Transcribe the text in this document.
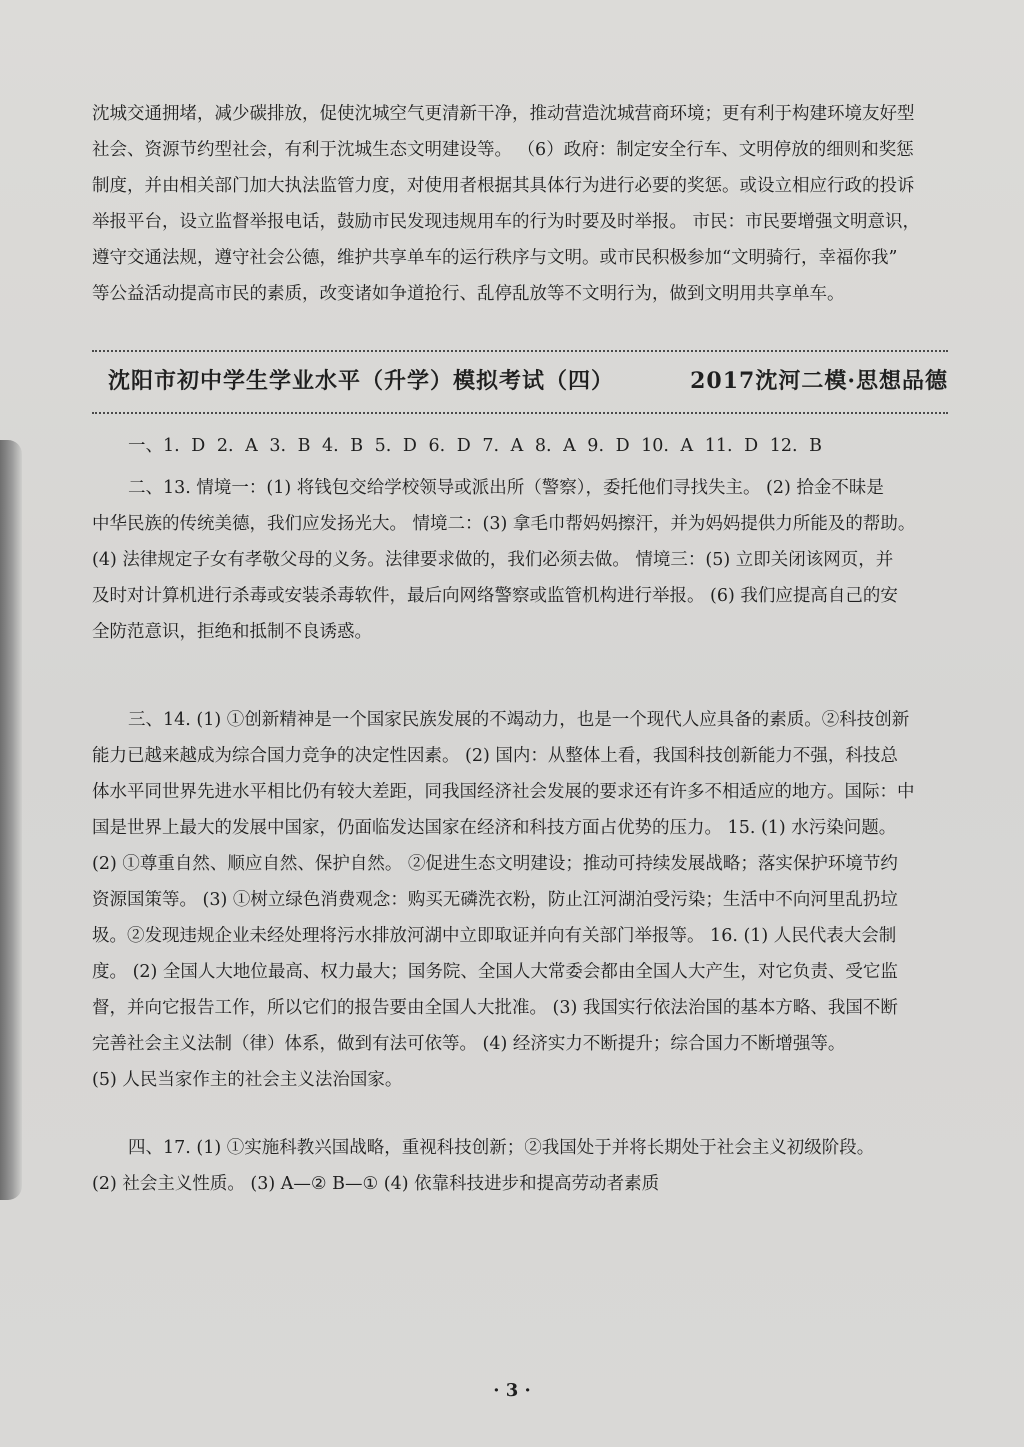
沈城交通拥堵，减少碳排放，促使沈城空气更清新干净，推动营造沈城营商环境；更有利于构建环境友好型
社会、资源节约型社会，有利于沈城生态文明建设等。 （6）政府：制定安全行车、文明停放的细则和奖惩
制度，并由相关部门加大执法监管力度，对使用者根据其具体行为进行必要的奖惩。或设立相应行政的投诉
举报平台，设立监督举报电话，鼓励市民发现违规用车的行为时要及时举报。 市民：市民要增强文明意识，
遵守交通法规，遵守社会公德，维护共享单车的运行秩序与文明。或市民积极参加“文明骑行，幸福你我”
等公益活动提高市民的素质，改变诸如争道抢行、乱停乱放等不文明行为，做到文明用共享单车。

沈阳市初中学生学业水平（升学）模拟考试（四）	2017沈河二模·思想品德
一、1. D 2. A 3. B 4. B 5. D 6. D 7. A 8. A 9. D 10. A 11. D 12. B

二、13. 情境一：(1) 将钱包交给学校领导或派出所（警察），委托他们寻找失主。 (2) 拾金不昧是
中华民族的传统美德，我们应发扬光大。 情境二：(3) 拿毛巾帮妈妈擦汗，并为妈妈提供力所能及的帮助。
(4) 法律规定子女有孝敬父母的义务。法律要求做的，我们必须去做。 情境三：(5) 立即关闭该网页，并
及时对计算机进行杀毒或安装杀毒软件，最后向网络警察或监管机构进行举报。 (6) 我们应提高自己的安
全防范意识，拒绝和抵制不良诱惑。

三、14. (1) ①创新精神是一个国家民族发展的不竭动力，也是一个现代人应具备的素质。②科技创新
能力已越来越成为综合国力竞争的决定性因素。 (2) 国内：从整体上看，我国科技创新能力不强，科技总
体水平同世界先进水平相比仍有较大差距，同我国经济社会发展的要求还有许多不相适应的地方。国际：中
国是世界上最大的发展中国家，仍面临发达国家在经济和科技方面占优势的压力。 15. (1) 水污染问题。
(2) ①尊重自然、顺应自然、保护自然。 ②促进生态文明建设；推动可持续发展战略；落实保护环境节约
资源国策等。 (3) ①树立绿色消费观念：购买无磷洗衣粉，防止江河湖泊受污染；生活中不向河里乱扔垃
圾。②发现违规企业未经处理将污水排放河湖中立即取证并向有关部门举报等。 16. (1) 人民代表大会制
度。 (2) 全国人大地位最高、权力最大；国务院、全国人大常委会都由全国人大产生，对它负责、受它监
督，并向它报告工作，所以它们的报告要由全国人大批准。 (3) 我国实行依法治国的基本方略、我国不断
完善社会主义法制（律）体系，做到有法可依等。 (4) 经济实力不断提升；综合国力不断增强等。
(5) 人民当家作主的社会主义法治国家。

四、17. (1) ①实施科教兴国战略，重视科技创新；②我国处于并将长期处于社会主义初级阶段。
(2) 社会主义性质。 (3) A—② B—① (4) 依靠科技进步和提高劳动者素质

· 3 ·
